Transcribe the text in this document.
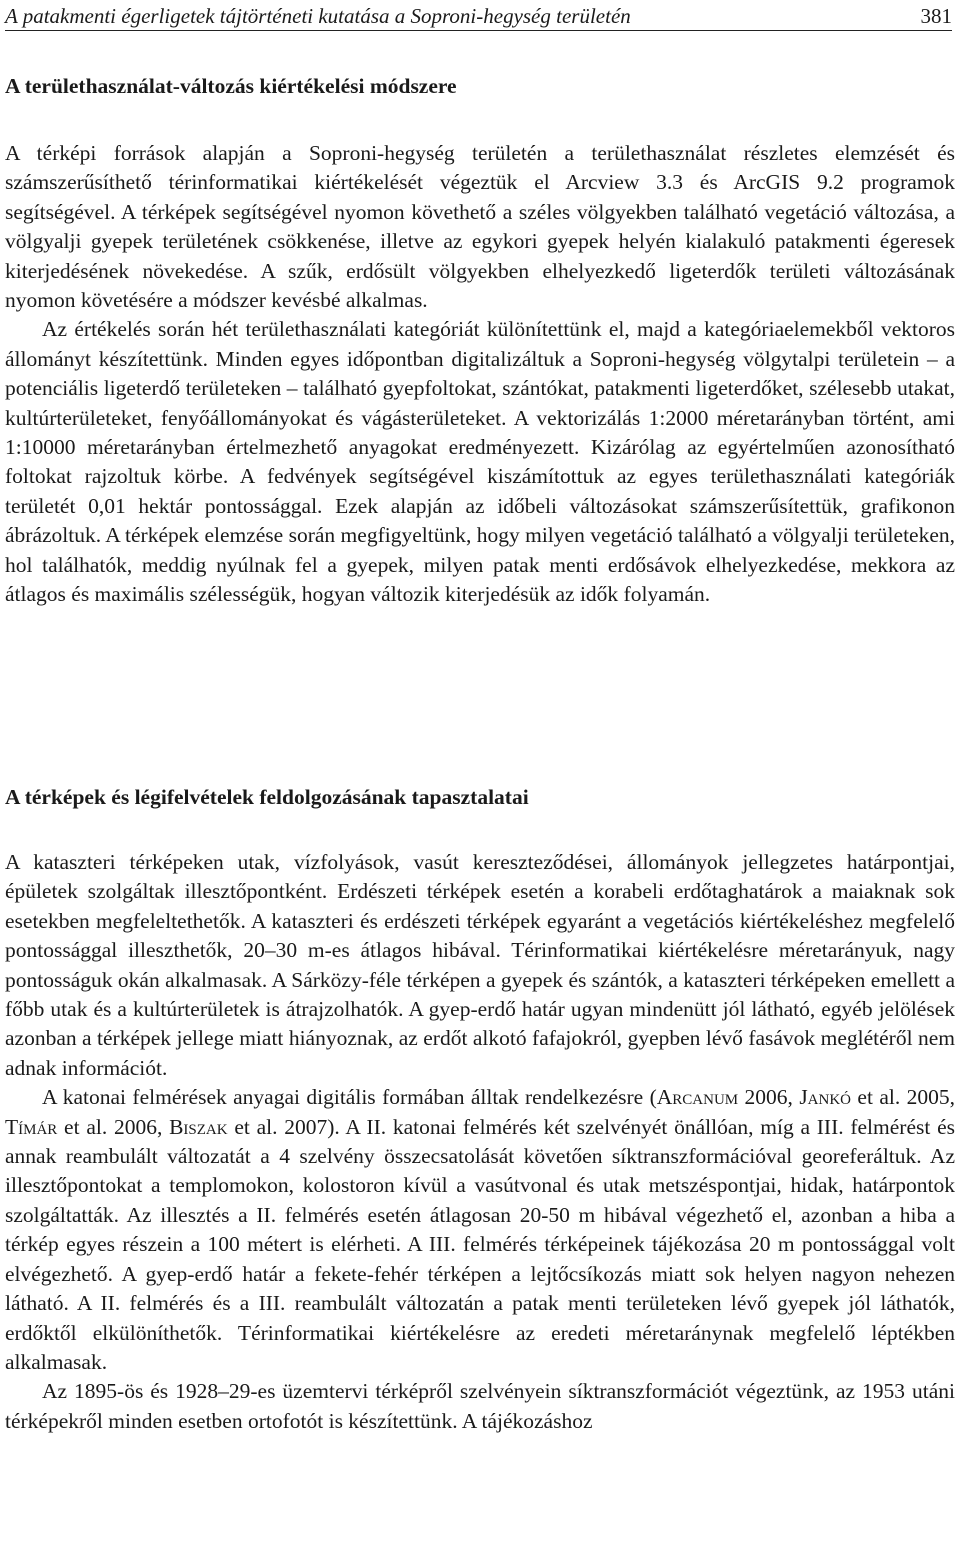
A patakmenti égerligetek tájtörténeti kutatása a Soproni-hegység területén	381
A területhasználat-változás kiértékelési módszere

A térképi források alapján a Soproni-hegység területén a területhasználat részletes elemzését és számszerűsíthető térinformatikai kiértékelését végeztük el Arcview 3.3 és ArcGIS 9.2 programok segítségével. A térképek segítségével nyomon követhető a széles völgyekben található vegetáció változása, a völgyalji gyepek területének csökkenése, illetve az egykori gyepek helyén kialakuló patakmenti égeresek kiterjedésének növekedése. A szűk, erdősült völgyekben elhelyezkedő ligeterdők területi változásának nyomon követésére a módszer kevésbé alkalmas.

Az értékelés során hét területhasználati kategóriát különítettünk el, majd a kategóriaelemekből vektoros állományt készítettünk. Minden egyes időpontban digitalizáltuk a Soproni-hegység völgytalpi területein – a potenciális ligeterdő területeken – található gyepfoltokat, szántókat, patakmenti ligeterdőket, szélesebb utakat, kultúrterületeket, fenyőállományokat és vágásterületeket. A vektorizálás 1:2000 méretarányban történt, ami 1:10000 méretarányban értelmezhető anyagokat eredményezett. Kizárólag az egyértelműen azonosítható foltokat rajzoltuk körbe. A fedvények segítségével kiszámítottuk az egyes területhasználati kategóriák területét 0,01 hektár pontossággal. Ezek alapján az időbeli változásokat számszerűsítettük, grafikonon ábrázoltuk. A térképek elemzése során megfigyeltünk, hogy milyen vegetáció található a völgyalji területeken, hol találhatók, meddig nyúlnak fel a gyepek, milyen patak menti erdősávok elhelyezkedése, mekkora az átlagos és maximális szélességük, hogyan változik kiterjedésük az idők folyamán.

A térképek és légifelvételek feldolgozásának tapasztalatai

A kataszteri térképeken utak, vízfolyások, vasút kereszteződései, állományok jellegzetes határpontjai, épületek szolgáltak illesztőpontként. Erdészeti térképek esetén a korabeli erdőtaghatárok a maiaknak sok esetekben megfeleltethetők. A kataszteri és erdészeti térképek egyaránt a vegetációs kiértékeléshez megfelelő pontossággal illeszthetők, 20–30 m-es átlagos hibával. Térinformatikai kiértékelésre méretarányuk, nagy pontosságuk okán alkalmasak. A Sárközy-féle térképen a gyepek és szántók, a kataszteri térképeken emellett a főbb utak és a kultúrterületek is átrajzolhatók. A gyep-erdő határ ugyan mindenütt jól látható, egyéb jelölések azonban a térképek jellege miatt hiányoznak, az erdőt alkotó fafajokról, gyepben lévő fasávok meglétéről nem adnak információt.

A katonai felmérések anyagai digitális formában álltak rendelkezésre (Arcanum 2006, Jankó et al. 2005, Tímár et al. 2006, Biszak et al. 2007). A II. katonai felmérés két szelvényét önállóan, míg a III. felmérést és annak reambulált változatát a 4 szelvény összecsatolását követően síktranszformációval georeferáltuk. Az illesztőpontokat a templomokon, kolostoron kívül a vasútvonal és utak metszéspontjai, hidak, határpontok szolgáltatták. Az illesztés a II. felmérés esetén átlagosan 20-50 m hibával végezhető el, azonban a hiba a térkép egyes részein a 100 métert is elérheti. A III. felmérés térképeinek tájékozása 20 m pontossággal volt elvégezhető. A gyep-erdő határ a fekete-fehér térképen a lejtőcsíkozás miatt sok helyen nagyon nehezen látható. A II. felmérés és a III. reambulált változatán a patak menti területeken lévő gyepek jól láthatók, erdőktől elkülöníthetők. Térinformatikai kiértékelésre az eredeti méretaránynak megfelelő léptékben alkalmasak.

Az 1895-ös és 1928–29-es üzemtervi térképről szelvényein síktranszformációt végeztünk, az 1953 utáni térképekről minden esetben ortofotót is készítettünk. A tájékozáshoz
